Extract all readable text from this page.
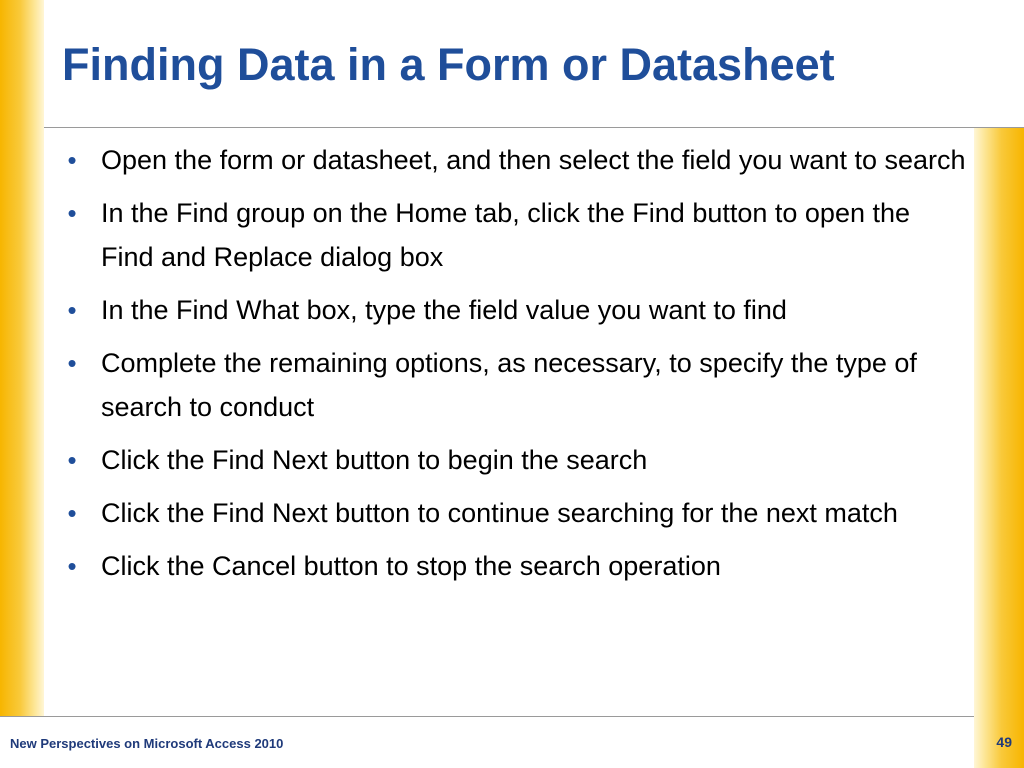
Finding Data in a Form or Datasheet
• Open the form or datasheet, and then select the field you want to search
• In the Find group on the Home tab, click the Find button to open the Find and Replace dialog box
• In the Find What box, type the field value you want to find
• Complete the remaining options, as necessary, to specify the type of search to conduct
• Click the Find Next button to begin the search
• Click the Find Next button to continue searching for the next match
• Click the Cancel button to stop the search operation
New Perspectives on Microsoft Access 2010	49
